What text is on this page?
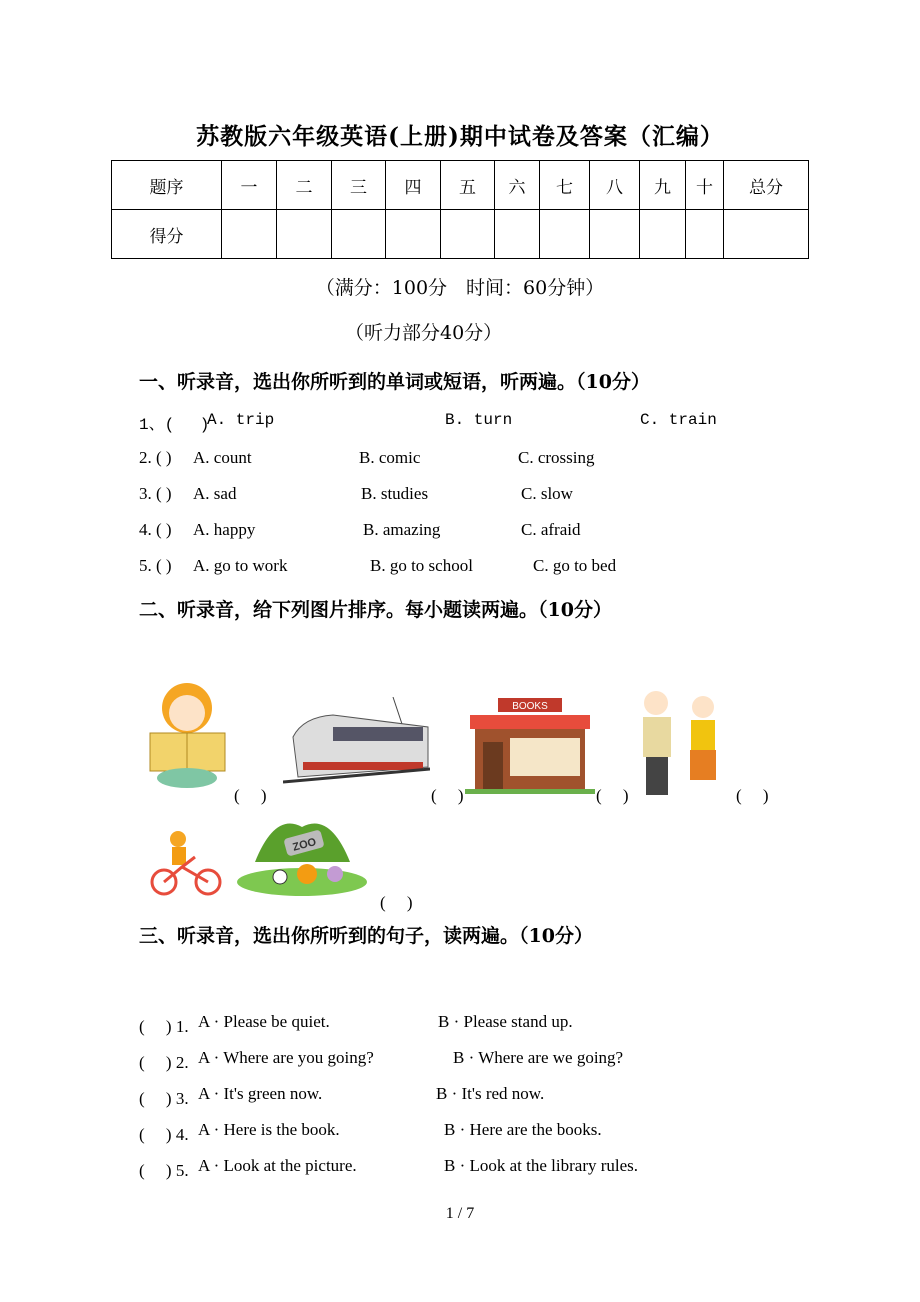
苏教版六年级英语(上册)期中试卷及答案（汇编）
题序	一	二	三	四	五	六	七	八	九	十	总分
得分											
（满分：100分　时间：60分钟）
（听力部分40分）
一、听录音，选出你所听到的单词或短语，听两遍。（10分）
1、(　 )
A. trip	B. turn	C. train
2. ( ) A. count	B. comic	C. crossing
3. ( ) A. sad	B. studies	C. slow
4. ( ) A. happy	B. amazing	C. afraid
5. ( ) A. go to work	B. go to school	C. go to bed
二、听录音，给下列图片排序。每小题读两遍。（10分）
BOOKS
ZOO
(　 )	(　 )	(　 )	(　 )
(　 )
三、听录音，选出你所听到的句子，读两遍。（10分）
(　 ) 1. A · Please be quiet.	B · Please stand up.
(　 ) 2. A · Where are you going?	B · Where are we going?
(　 ) 3. A · It's green now.	B · It's red now.
(　 ) 4. A · Here is the book.	B · Here are the books.
(　 ) 5. A · Look at the picture.	B · Look at the library rules.
1 / 7
